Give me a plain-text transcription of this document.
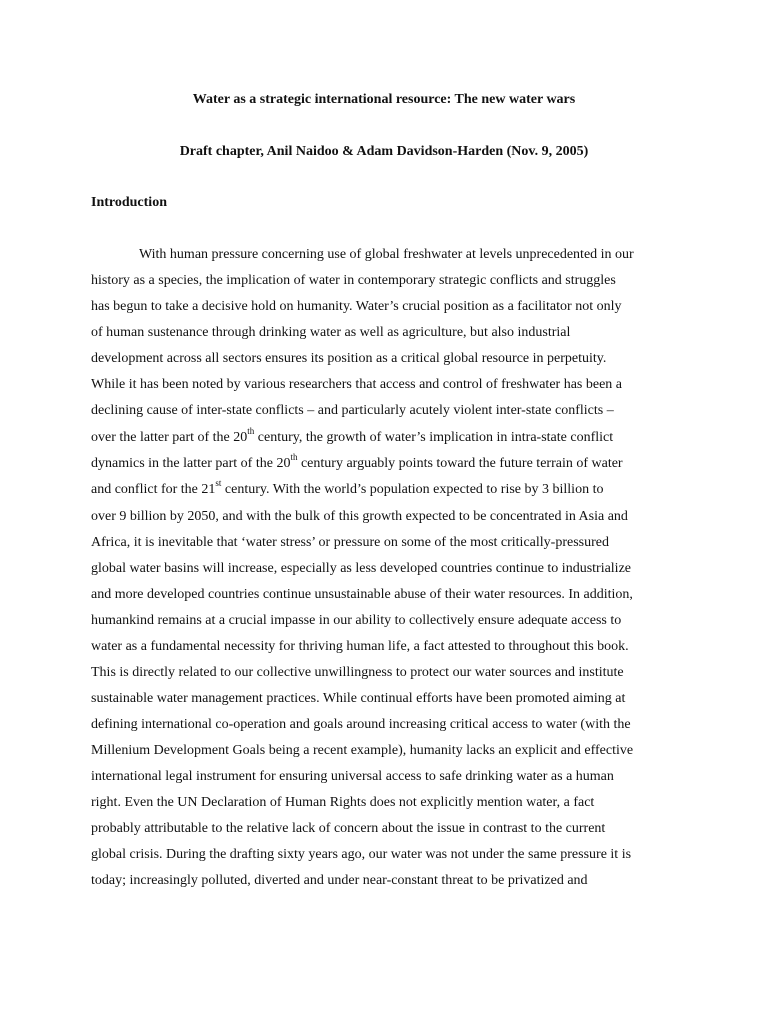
Water as a strategic international resource: The new water wars

Draft chapter, Anil Naidoo & Adam Davidson-Harden (Nov. 9, 2005)

Introduction

With human pressure concerning use of global freshwater at levels unprecedented in our
history as a species, the implication of water in contemporary strategic conflicts and struggles
has begun to take a decisive hold on humanity. Water’s crucial position as a facilitator not only
of human sustenance through drinking water as well as agriculture, but also industrial
development across all sectors ensures its position as a critical global resource in perpetuity.
While it has been noted by various researchers that access and control of freshwater has been a
declining cause of inter-state conflicts – and particularly acutely violent inter-state conflicts –
over the latter part of the 20th century, the growth of water’s implication in intra-state conflict
dynamics in the latter part of the 20th century arguably points toward the future terrain of water
and conflict for the 21st century. With the world’s population expected to rise by 3 billion to
over 9 billion by 2050, and with the bulk of this growth expected to be concentrated in Asia and
Africa, it is inevitable that ‘water stress’ or pressure on some of the most critically-pressured
global water basins will increase, especially as less developed countries continue to industrialize
and more developed countries continue unsustainable abuse of their water resources. In addition,
humankind remains at a crucial impasse in our ability to collectively ensure adequate access to
water as a fundamental necessity for thriving human life, a fact attested to throughout this book.
This is directly related to our collective unwillingness to protect our water sources and institute
sustainable water management practices. While continual efforts have been promoted aiming at
defining international co-operation and goals around increasing critical access to water (with the
Millenium Development Goals being a recent example), humanity lacks an explicit and effective
international legal instrument for ensuring universal access to safe drinking water as a human
right. Even the UN Declaration of Human Rights does not explicitly mention water, a fact
probably attributable to the relative lack of concern about the issue in contrast to the current
global crisis. During the drafting sixty years ago, our water was not under the same pressure it is
today; increasingly polluted, diverted and under near-constant threat to be privatized and
